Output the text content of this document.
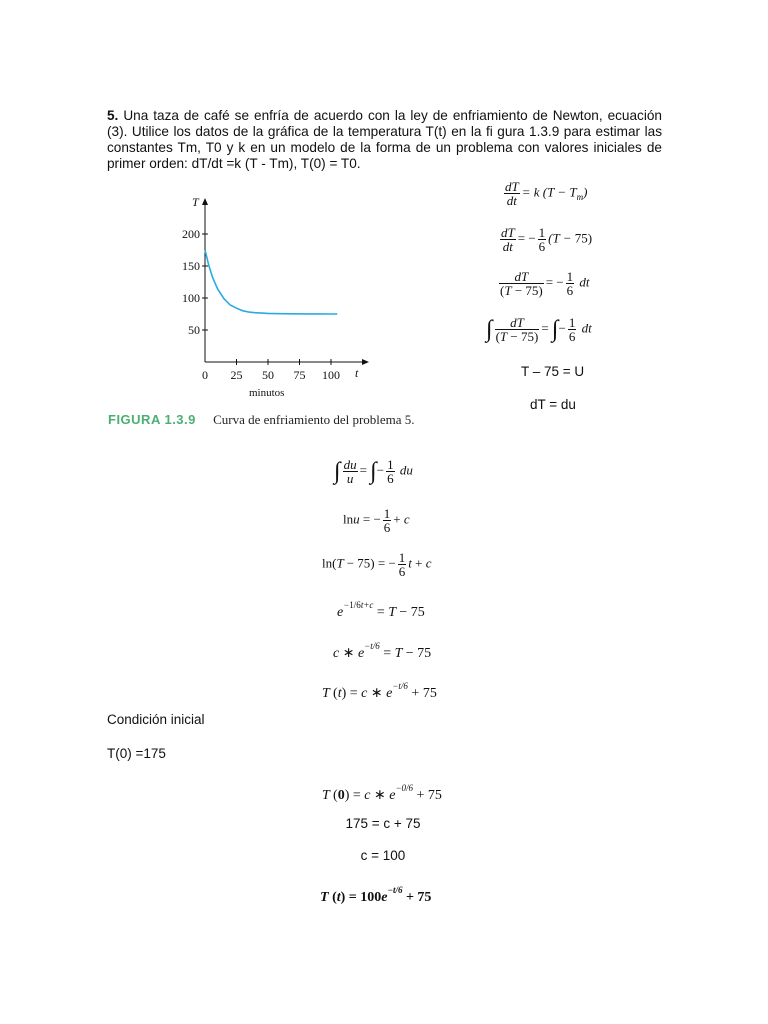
5. Una taza de café se enfría de acuerdo con la ley de enfriamiento de Newton, ecuación (3). Utilice los datos de la gráfica de la temperatura T(t) en la fi gura 1.3.9 para estimar las constantes Tm, T0 y k en un modelo de la forma de un problema con valores iniciales de primer orden: dT/dt =k (T - Tm), T(0) = T0.
T
t
minutos
0 25 50 75 100
50
100
150
200
FIGURA 1.3.9 Curva de enfriamiento del problema 5.
$\frac{dT}{dt} = k$ $(T - T_m)$
$\frac{dT}{dt}$ = − $\frac{1}{6} (T - 75)$
$\frac{dT}{(T - 75)}$ = − $\frac{1}{6}$ dt
∫ $\frac{dT}{(T - 75)}$ = ∫− $\frac{1}{6}$ dt
T – 75 = U
dT = du
∫ $\frac{du}{u}$ = ∫− $\frac{1}{6}$ du
lnu = − $\frac{1}{6} + c$
ln(T − 75) = − $\frac{1}{6}$ t + c
$e^{-1/6t+c} = T - 75$
c ∗ $e^{-t/6} = T - 75$
T (t) = c ∗ $e^{-t/6} + 75$
Condición inicial
T(0) =175
T (0) = c ∗ $e^{-0/6} + 75$
175 = c + 75
c = 100
T $(t) = 100e^{-t/6} + 75$
